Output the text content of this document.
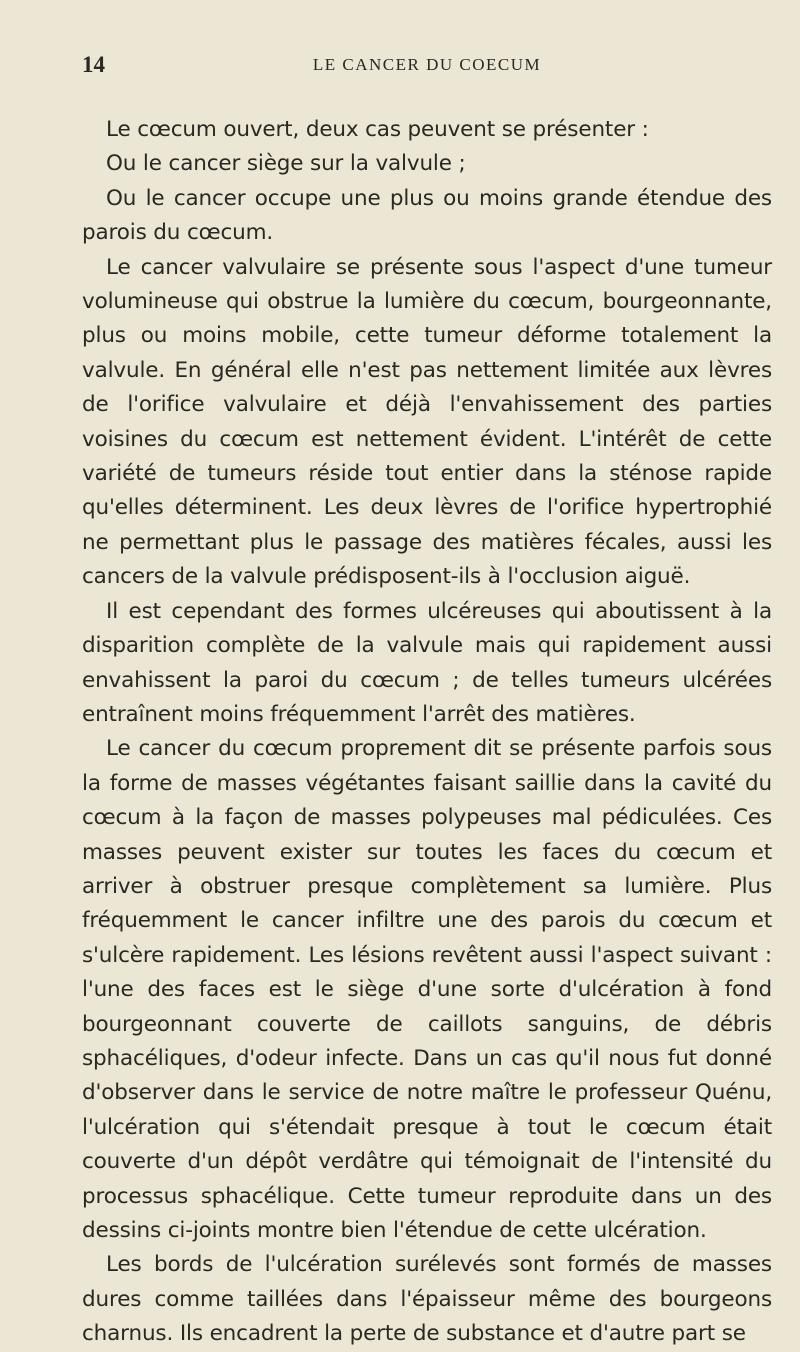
14	LE CANCER DU COECUM

Le cœcum ouvert, deux cas peuvent se présenter :

Ou le cancer siège sur la valvule ;

Ou le cancer occupe une plus ou moins grande étendue des parois du cœcum.

Le cancer valvulaire se présente sous l'aspect d'une tumeur volumineuse qui obstrue la lumière du cœcum, bourgeonnante, plus ou moins mobile, cette tumeur déforme totalement la valvule. En général elle n'est pas nettement limitée aux lèvres de l'orifice valvulaire et déjà l'envahissement des parties voisines du cœcum est nettement évident. L'intérêt de cette variété de tumeurs réside tout entier dans la sténose rapide qu'elles déterminent. Les deux lèvres de l'orifice hypertrophié ne permettant plus le passage des matières fécales, aussi les cancers de la valvule prédisposent-ils à l'occlusion aiguë.

Il est cependant des formes ulcéreuses qui aboutissent à la disparition complète de la valvule mais qui rapidement aussi envahissent la paroi du cœcum ; de telles tumeurs ulcérées entraînent moins fréquemment l'arrêt des matières.

Le cancer du cœcum proprement dit se présente parfois sous la forme de masses végétantes faisant saillie dans la cavité du cœcum à la façon de masses polypeuses mal pédiculées. Ces masses peuvent exister sur toutes les faces du cœcum et arriver à obstruer presque complètement sa lumière. Plus fréquemment le cancer infiltre une des parois du cœcum et s'ulcère rapidement. Les lésions revêtent aussi l'aspect suivant : l'une des faces est le siège d'une sorte d'ulcération à fond bourgeonnant couverte de caillots sanguins, de débris sphacéliques, d'odeur infecte. Dans un cas qu'il nous fut donné d'observer dans le service de notre maître le professeur Quénu, l'ulcération qui s'étendait presque à tout le cœcum était couverte d'un dépôt verdâtre qui témoignait de l'intensité du processus sphacélique. Cette tumeur reproduite dans un des dessins ci-joints montre bien l'étendue de cette ulcération.

Les bords de l'ulcération surélevés sont formés de masses dures comme taillées dans l'épaisseur même des bourgeons charnus. Ils encadrent la perte de substance et d'autre part se
